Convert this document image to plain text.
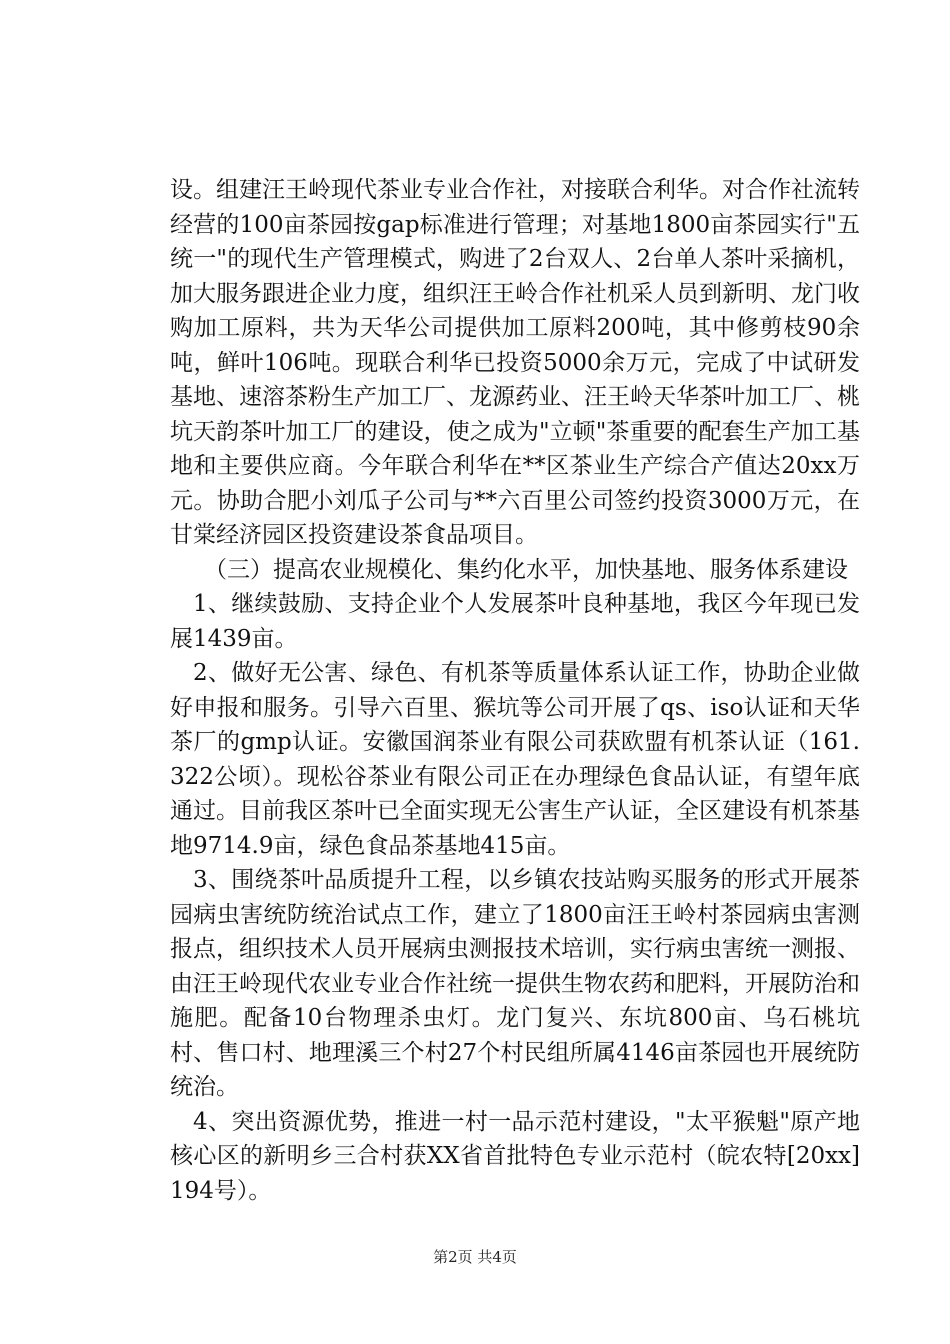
设。组建汪王岭现代茶业专业合作社，对接联合利华。对合作社流转经营的100亩茶园按gap标准进行管理；对基地1800亩茶园实行"五统一"的现代生产管理模式，购进了2台双人、2台单人茶叶采摘机，加大服务跟进企业力度，组织汪王岭合作社机采人员到新明、龙门收购加工原料，共为天华公司提供加工原料200吨，其中修剪枝90余吨，鲜叶106吨。现联合利华已投资5000余万元，完成了中试研发基地、速溶茶粉生产加工厂、龙源药业、汪王岭天华茶叶加工厂、桃坑天韵茶叶加工厂的建设，使之成为"立顿"茶重要的配套生产加工基地和主要供应商。今年联合利华在**区茶业生产综合产值达20xx万元。协助合肥小刘瓜子公司与**六百里公司签约投资3000万元，在甘棠经济园区投资建设茶食品项目。

（三）提高农业规模化、集约化水平，加快基地、服务体系建设

1、继续鼓励、支持企业个人发展茶叶良种基地，我区今年现已发展1439亩。

2、做好无公害、绿色、有机茶等质量体系认证工作，协助企业做好申报和服务。引导六百里、猴坑等公司开展了qs、iso认证和天华茶厂的gmp认证。安徽国润茶业有限公司获欧盟有机茶认证（161.322公顷）。现松谷茶业有限公司正在办理绿色食品认证，有望年底通过。目前我区茶叶已全面实现无公害生产认证，全区建设有机茶基地9714.9亩，绿色食品茶基地415亩。

3、围绕茶叶品质提升工程，以乡镇农技站购买服务的形式开展茶园病虫害统防统治试点工作，建立了1800亩汪王岭村茶园病虫害测报点，组织技术人员开展病虫测报技术培训，实行病虫害统一测报、由汪王岭现代农业专业合作社统一提供生物农药和肥料，开展防治和施肥。配备10台物理杀虫灯。龙门复兴、东坑800亩、乌石桃坑村、售口村、地理溪三个村27个村民组所属4146亩茶园也开展统防统治。

4、突出资源优势，推进一村一品示范村建设，"太平猴魁"原产地核心区的新明乡三合村获XX省首批特色专业示范村（皖农特[20xx]194号）。

第2页 共4页
